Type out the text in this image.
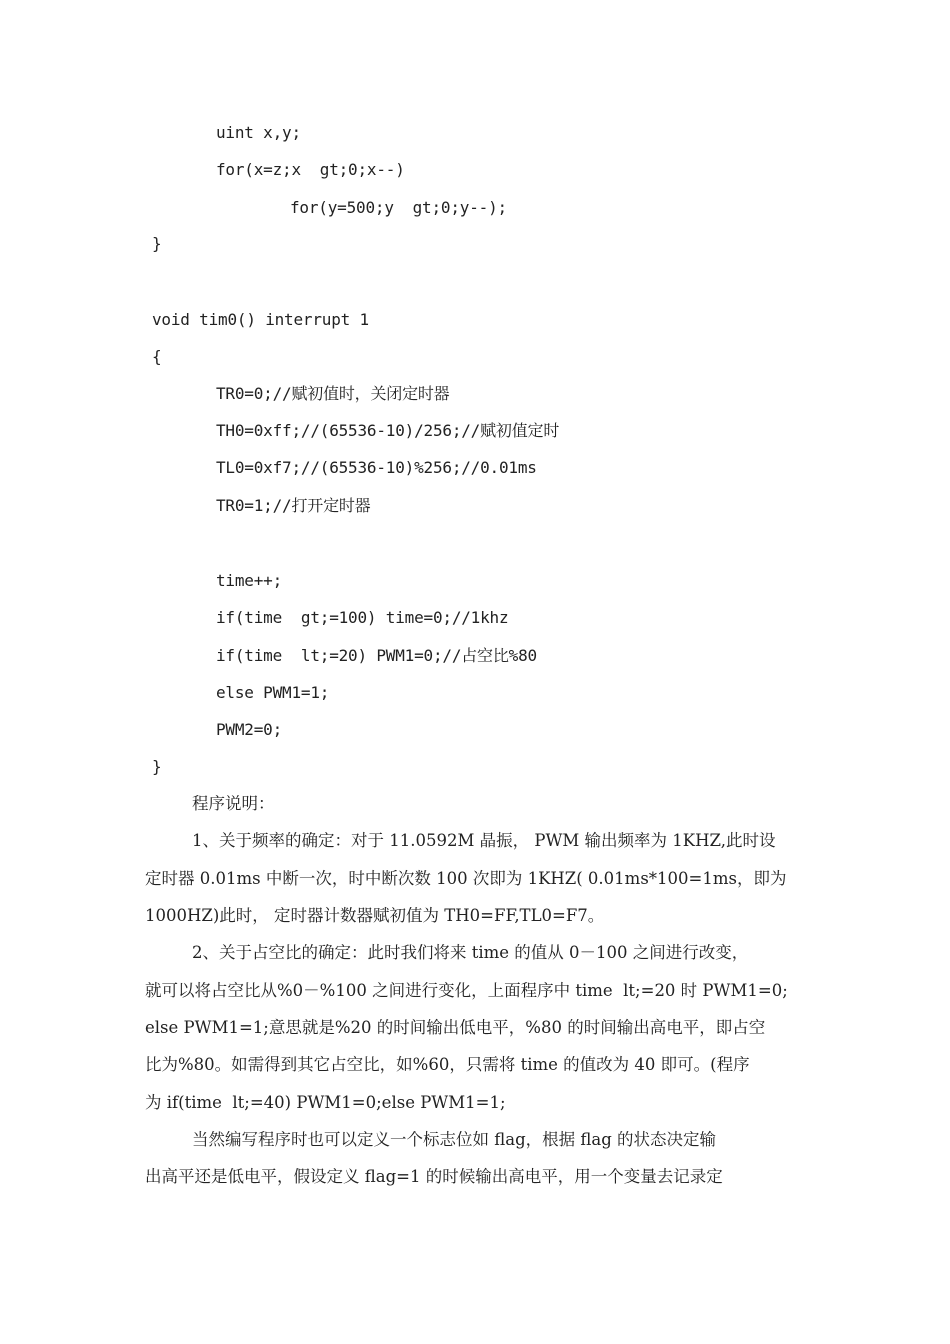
uint x,y;
for(x=z;x  gt;0;x--)
for(y=500;y  gt;0;y--);
}
void tim0() interrupt 1
{
TR0=0;//赋初值时，关闭定时器
TH0=0xff;//(65536-10)/256;//赋初值定时
TL0=0xf7;//(65536-10)%256;//0.01ms
TR0=1;//打开定时器
time++;
if(time  gt;=100) time=0;//1khz
if(time  lt;=20) PWM1=0;//占空比%80
else PWM1=1;
PWM2=0;
}
程序说明：
1、关于频率的确定：对于 11.0592M 晶振， PWM 输出频率为 1KHZ,此时设
定时器 0.01ms 中断一次，时中断次数 100 次即为 1KHZ( 0.01ms*100=1ms，即为
1000HZ)此时， 定时器计数器赋初值为 TH0=FF,TL0=F7。
2、关于占空比的确定：此时我们将来 time 的值从 0－100 之间进行改变，
就可以将占空比从%0－%100 之间进行变化，上面程序中 time  lt;=20 时 PWM1=0;
else PWM1=1;意思就是%20 的时间输出低电平，%80 的时间输出高电平，即占空
比为%80。如需得到其它占空比，如%60，只需将 time 的值改为 40 即可。(程序
为 if(time  lt;=40) PWM1=0;else PWM1=1;
当然编写程序时也可以定义一个标志位如 flag，根据 flag 的状态决定输
出高平还是低电平，假设定义 flag=1 的时候输出高电平，用一个变量去记录定
